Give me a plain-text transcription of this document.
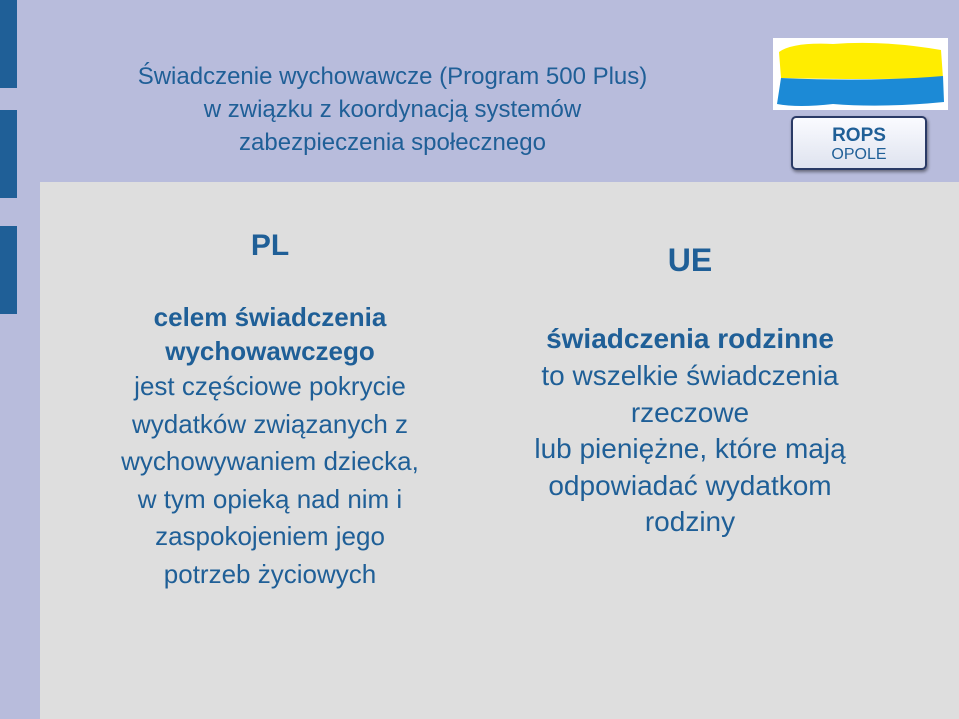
Świadczenie wychowawcze (Program 500 Plus)
w związku z koordynacją systemów
zabezpieczenia społecznego	ROPS
OPOLE
PL
celem świadczenia
wychowawczego
jest częściowe pokrycie
wydatków związanych z
wychowywaniem dziecka,
w tym opieką nad nim i
zaspokojeniem jego
potrzeb życiowych
UE
świadczenia rodzinne
to wszelkie świadczenia
rzeczowe
lub pieniężne, które mają
odpowiadać wydatkom
rodziny
